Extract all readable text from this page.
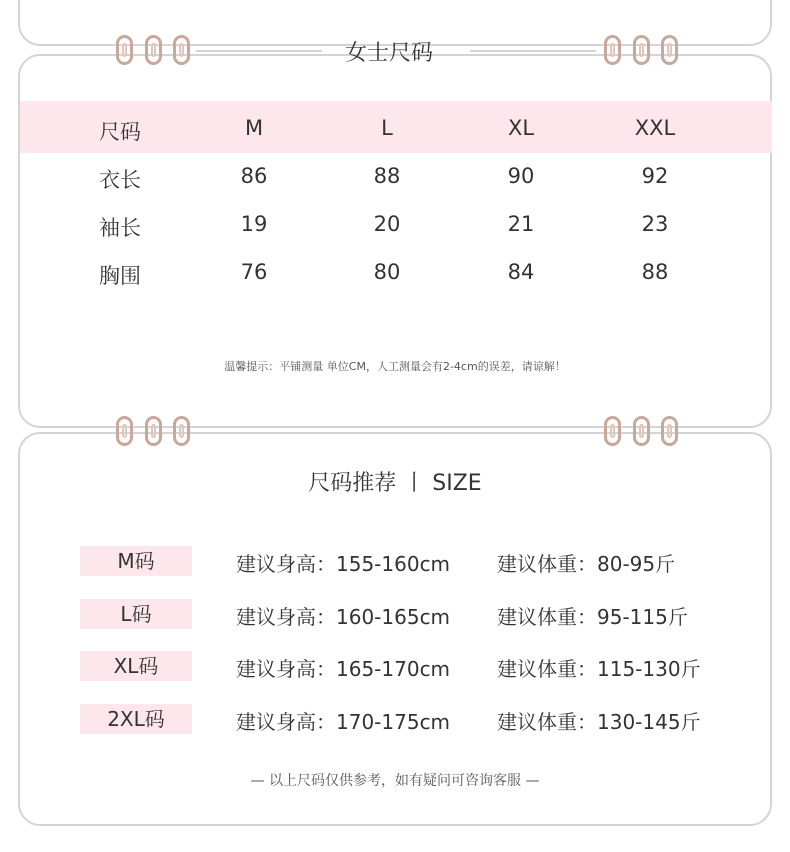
女士尺码
尺码	M	L	XL	XXL
衣长	86	88	90	92
袖长	19	20	21	23
胸围	76	80	84	88
温馨提示：平铺测量 单位CM，人工测量会有2-4cm的误差，请谅解！
尺码推荐 丨 SIZE
M码	建议身高：155-160cm 建议体重：80-95斤
L码	建议身高：160-165cm 建议体重：95-115斤
XL码	建议身高：165-170cm 建议体重：115-130斤
2XL码	建议身高：170-175cm 建议体重：130-145斤
— 以上尺码仅供参考，如有疑问可咨询客服 —
